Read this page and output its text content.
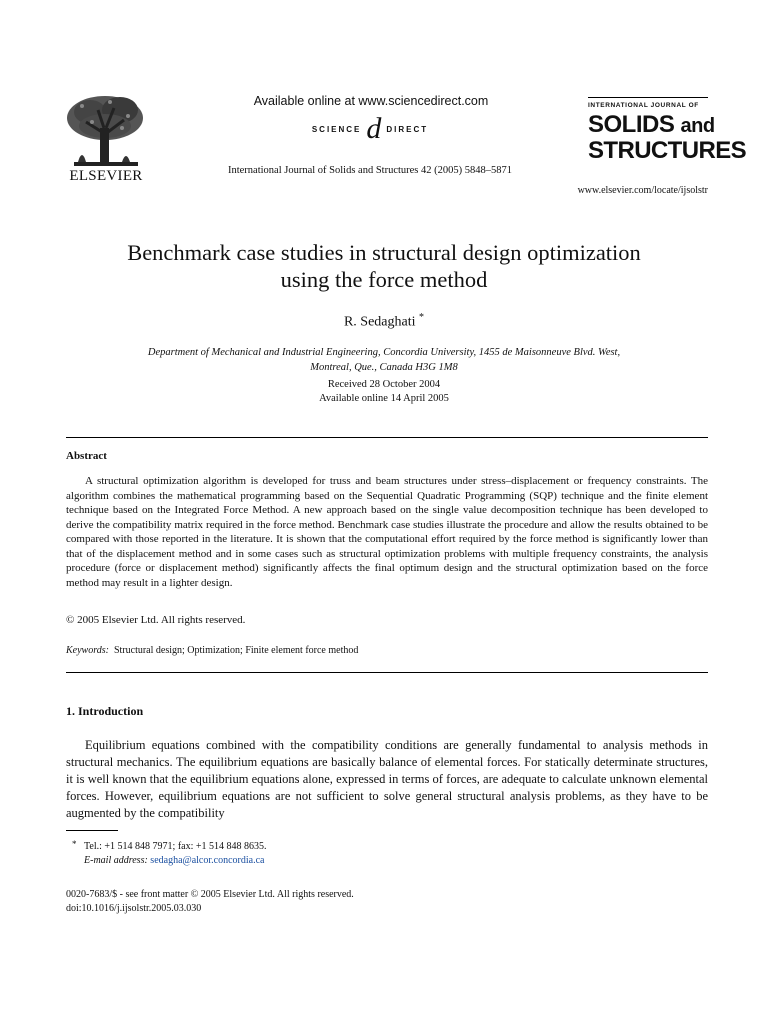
ELSEVIER
Available online at www.sciencedirect.com
SCIENCE d DIRECT
International Journal of Solids and Structures 42 (2005) 5848–5871
INTERNATIONAL JOURNAL OF
SOLIDS and
STRUCTURES
www.elsevier.com/locate/ijsolstr
Benchmark case studies in structural design optimization
using the force method
R. Sedaghati *
Department of Mechanical and Industrial Engineering, Concordia University, 1455 de Maisonneuve Blvd. West,
Montreal, Que., Canada H3G 1M8
Received 28 October 2004
Available online 14 April 2005
Abstract

A structural optimization algorithm is developed for truss and beam structures under stress–displacement or frequency constraints. The algorithm combines the mathematical programming based on the Sequential Quadratic Programming (SQP) technique and the finite element technique based on the Integrated Force Method. A new approach based on the single value decomposition technique has been developed to derive the compatibility matrix required in the force method. Benchmark case studies illustrate the procedure and allow the results obtained to be compared with those reported in the literature. It is shown that the computational effort required by the force method is significantly lower than that of the displacement method and in some cases such as structural optimization problems with multiple frequency constraints, the analysis procedure (force or displacement method) significantly affects the final optimum design and the structural optimization based on the force method may result in a lighter design.

© 2005 Elsevier Ltd. All rights reserved.
Keywords: Structural design; Optimization; Finite element force method
1. Introduction

Equilibrium equations combined with the compatibility conditions are generally fundamental to analysis methods in structural mechanics. The equilibrium equations are basically balance of elemental forces. For statically determinate structures, it is well known that the equilibrium equations alone, expressed in terms of forces, are adequate to calculate unknown elemental forces. However, equilibrium equations are not sufficient to solve general structural analysis problems, as they have to be augmented by the compatibility

* Tel.: +1 514 848 7971; fax: +1 514 848 8635.
E-mail address: sedagha@alcor.concordia.ca
0020-7683/$ - see front matter © 2005 Elsevier Ltd. All rights reserved.
doi:10.1016/j.ijsolstr.2005.03.030
